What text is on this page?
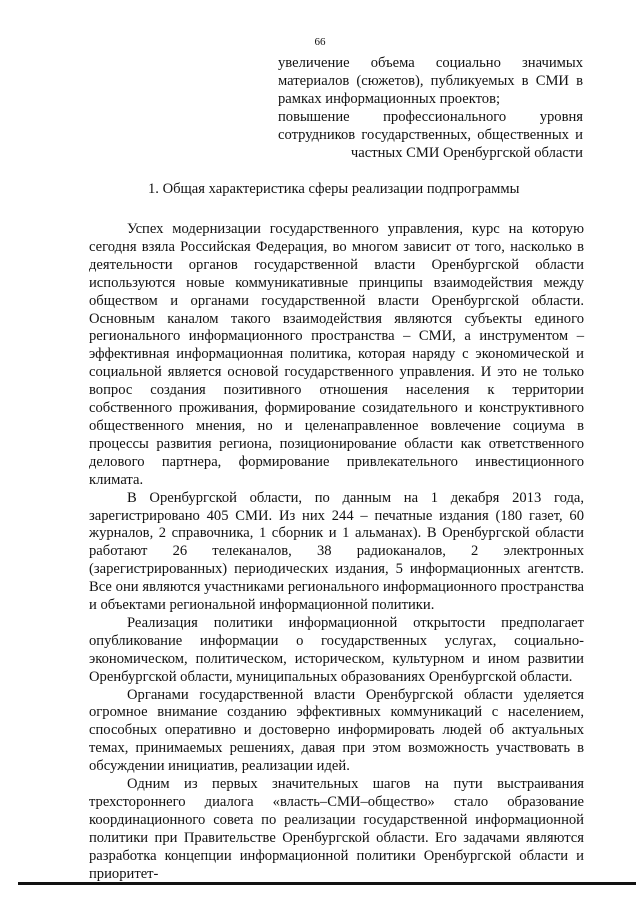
66

увеличение объема социально значимых материалов (сюжетов), публикуемых в СМИ в рамках информационных проектов;

повышение профессионального уровня сотрудников государственных, общественных и частных СМИ Оренбургской области

1. Общая характеристика сферы реализации подпрограммы

Успех модернизации государственного управления, курс на которую сегодня взяла Российская Федерация, во многом зависит от того, насколько в деятельности органов государственной власти Оренбургской области используются новые коммуникативные принципы взаимодействия между обществом и органами государственной власти Оренбургской области. Основным каналом такого взаимодействия являются субъекты единого регионального информационного пространства – СМИ, а инструментом – эффективная информационная политика, которая наряду с экономической и социальной является основой государственного управления. И это не только вопрос создания позитивного отношения населения к территории собственного проживания, формирование созидательного и конструктивного общественного мнения, но и целенаправленное вовлечение социума в процессы развития региона, позиционирование области как ответственного делового партнера, формирование привлекательного инвестиционного климата.

В Оренбургской области, по данным на 1 декабря 2013 года, зарегистрировано 405 СМИ. Из них 244 – печатные издания (180 газет, 60 журналов, 2 справочника, 1 сборник и 1 альманах). В Оренбургской области работают 26 телеканалов, 38 радиоканалов, 2 электронных (зарегистрированных) периодических издания, 5 информационных агентств. Все они являются участниками регионального информационного пространства и объектами региональной информационной политики.

Реализация политики информационной открытости предполагает опубликование информации о государственных услугах, социально-экономическом, политическом, историческом, культурном и ином развитии Оренбургской области, муниципальных образованиях Оренбургской области.

Органами государственной власти Оренбургской области уделяется огромное внимание созданию эффективных коммуникаций с населением, способных оперативно и достоверно информировать людей об актуальных темах, принимаемых решениях, давая при этом возможность участвовать в обсуждении инициатив, реализации идей.

Одним из первых значительных шагов на пути выстраивания трехстороннего диалога «власть–СМИ–общество» стало образование координационного совета по реализации государственной информационной политики при Правительстве Оренбургской области. Его задачами являются разработка концепции информационной политики Оренбургской области и приоритет-
